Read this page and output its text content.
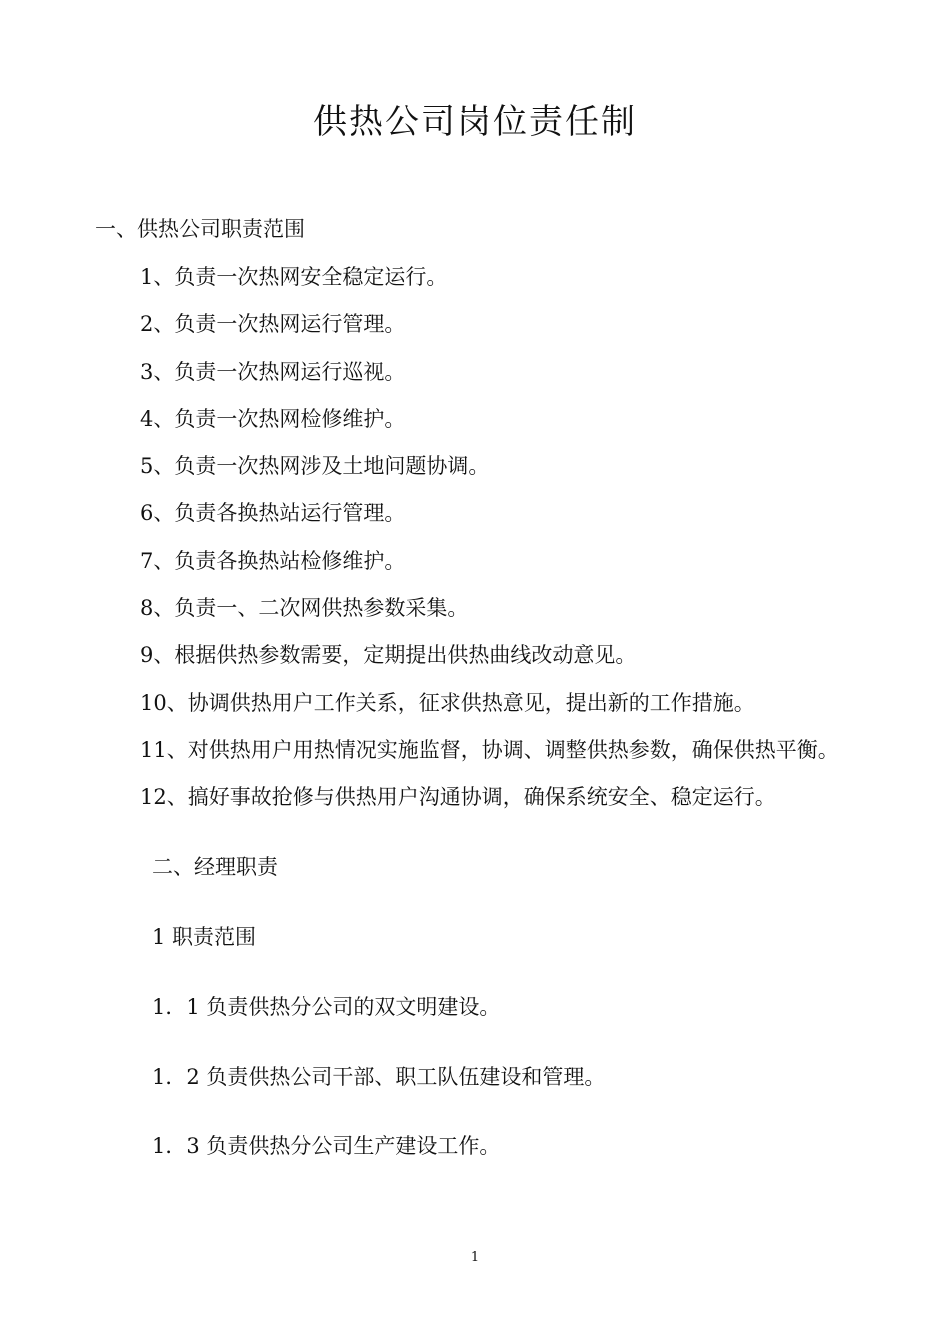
供热公司岗位责任制

一、供热公司职责范围

1、负责一次热网安全稳定运行。
2、负责一次热网运行管理。
3、负责一次热网运行巡视。
4、负责一次热网检修维护。
5、负责一次热网涉及土地问题协调。
6、负责各换热站运行管理。
7、负责各换热站检修维护。
8、负责一、二次网供热参数采集。
9、根据供热参数需要，定期提出供热曲线改动意见。
10、协调供热用户工作关系，征求供热意见，提出新的工作措施。
11、对供热用户用热情况实施监督，协调、调整供热参数，确保供热平衡。
12、搞好事故抢修与供热用户沟通协调，确保系统安全、稳定运行。

二、经理职责

1 职责范围

1．1 负责供热分公司的双文明建设。
1．2 负责供热公司干部、职工队伍建设和管理。
1．3 负责供热分公司生产建设工作。
1
